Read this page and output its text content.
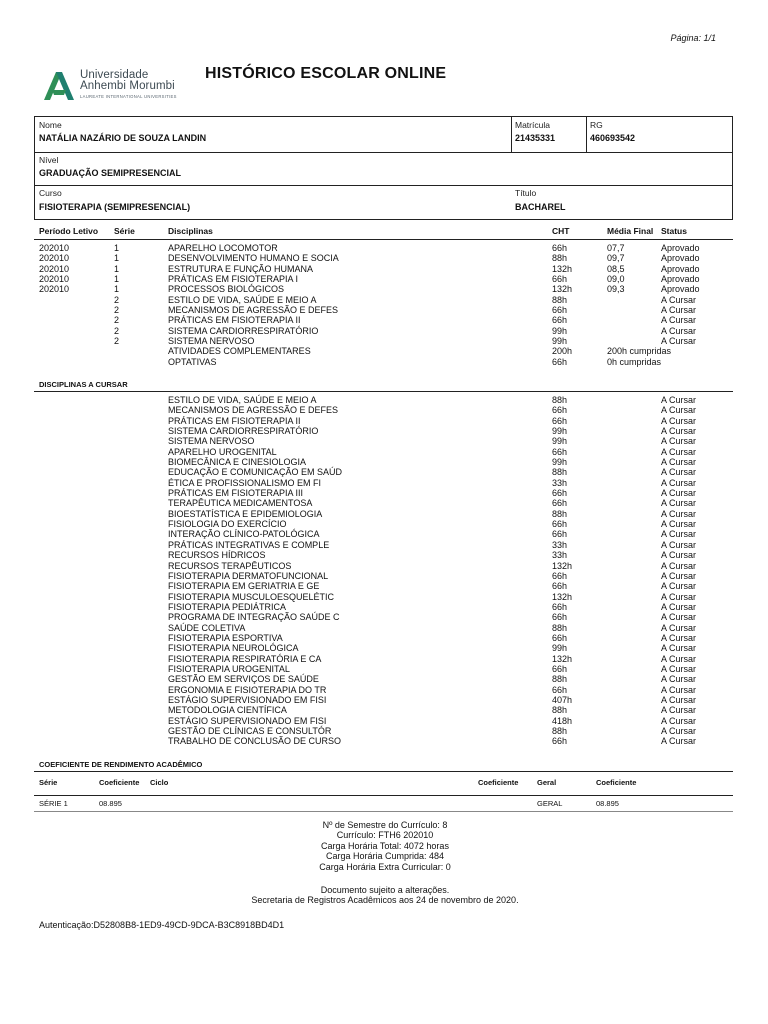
Página: 1/1
Universidade
Anhembi Morumbi
LAUREATE INTERNATIONAL UNIVERSITIES
HISTÓRICO ESCOLAR ONLINE
Nome
NATÁLIA NAZÁRIO DE SOUZA LANDIN
Matrícula
21435331
RG
460693542
Nível
GRADUAÇÃO SEMIPRESENCIAL
Curso
FISIOTERAPIA (SEMIPRESENCIAL)
Título
BACHAREL
Período Letivo Série	Disciplinas	CHT	Média Final Status
202010	1	APARELHO LOCOMOTOR	66h	07,7	Aprovado
202010	1	DESENVOLVIMENTO HUMANO E SOCIA	88h	09,7	Aprovado
202010	1	ESTRUTURA E FUNÇÃO HUMANA	132h	08,5	Aprovado
202010	1	PRÁTICAS EM FISIOTERAPIA I	66h	09,0	Aprovado
202010	1	PROCESSOS BIOLÓGICOS	132h	09,3	Aprovado
2	ESTILO DE VIDA, SAÚDE E MEIO A	88h	A Cursar
2	MECANISMOS DE AGRESSÃO E DEFES	66h	A Cursar
2	PRÁTICAS EM FISIOTERAPIA II	66h	A Cursar
2	SISTEMA CARDIORRESPIRATÓRIO	99h	A Cursar
2	SISTEMA NERVOSO	99h	A Cursar
ATIVIDADES COMPLEMENTARES	200h	200h cumpridas
OPTATIVAS	66h	0h cumpridas
DISCIPLINAS A CURSAR
ESTILO DE VIDA, SAÚDE E MEIO A	88h	A Cursar
MECANISMOS DE AGRESSÃO E DEFES	66h	A Cursar
PRÁTICAS EM FISIOTERAPIA II	66h	A Cursar
SISTEMA CARDIORRESPIRATÓRIO	99h	A Cursar
SISTEMA NERVOSO	99h	A Cursar
APARELHO UROGENITAL	66h	A Cursar
BIOMECÂNICA E CINESIOLOGIA	99h	A Cursar
EDUCAÇÃO E COMUNICAÇÃO EM SAÚD	88h	A Cursar
ÉTICA E PROFISSIONALISMO EM FI	33h	A Cursar
PRÁTICAS EM FISIOTERAPIA III	66h	A Cursar
TERAPÊUTICA MEDICAMENTOSA	66h	A Cursar
BIOESTATÍSTICA E EPIDEMIOLOGIA	88h	A Cursar
FISIOLOGIA DO EXERCÍCIO	66h	A Cursar
INTERAÇÃO CLÍNICO-PATOLÓGICA	66h	A Cursar
PRÁTICAS INTEGRATIVAS E COMPLE	33h	A Cursar
RECURSOS HÍDRICOS	33h	A Cursar
RECURSOS TERAPÊUTICOS	132h	A Cursar
FISIOTERAPIA DERMATOFUNCIONAL	66h	A Cursar
FISIOTERAPIA EM GERIATRIA E GE	66h	A Cursar
FISIOTERAPIA MUSCULOESQUELÉTIC	132h	A Cursar
FISIOTERAPIA PEDIÁTRICA	66h	A Cursar
PROGRAMA DE INTEGRAÇÃO SAÚDE C	66h	A Cursar
SAÚDE COLETIVA	88h	A Cursar
FISIOTERAPIA ESPORTIVA	66h	A Cursar
FISIOTERAPIA NEUROLÓGICA	99h	A Cursar
FISIOTERAPIA RESPIRATÓRIA E CA	132h	A Cursar
FISIOTERAPIA UROGENITAL	66h	A Cursar
GESTÃO EM SERVIÇOS DE SAÚDE	88h	A Cursar
ERGONOMIA E FISIOTERAPIA DO TR	66h	A Cursar
ESTÁGIO SUPERVISIONADO EM FISI	407h	A Cursar
METODOLOGIA CIENTÍFICA	88h	A Cursar
ESTÁGIO SUPERVISIONADO EM FISI	418h	A Cursar
GESTÃO DE CLÍNICAS E CONSULTÓR	88h	A Cursar
TRABALHO DE CONCLUSÃO DE CURSO	66h	A Cursar
COEFICIENTE DE RENDIMENTO ACADÊMICO
Série	Coeficiente Ciclo	Coeficiente Geral	Coeficiente
SÉRIE 1	08.895	GERAL	08.895
Nº de Semestre do Currículo: 8
Currículo: FTH6 202010
Carga Horária Total: 4072 horas
Carga Horária Cumprida: 484
Carga Horária Extra Curricular: 0
Documento sujeito a alterações.
Secretaria de Registros Acadêmicos aos 24 de novembro de 2020.
Autenticação:D52808B8-1ED9-49CD-9DCA-B3C8918BD4D1
